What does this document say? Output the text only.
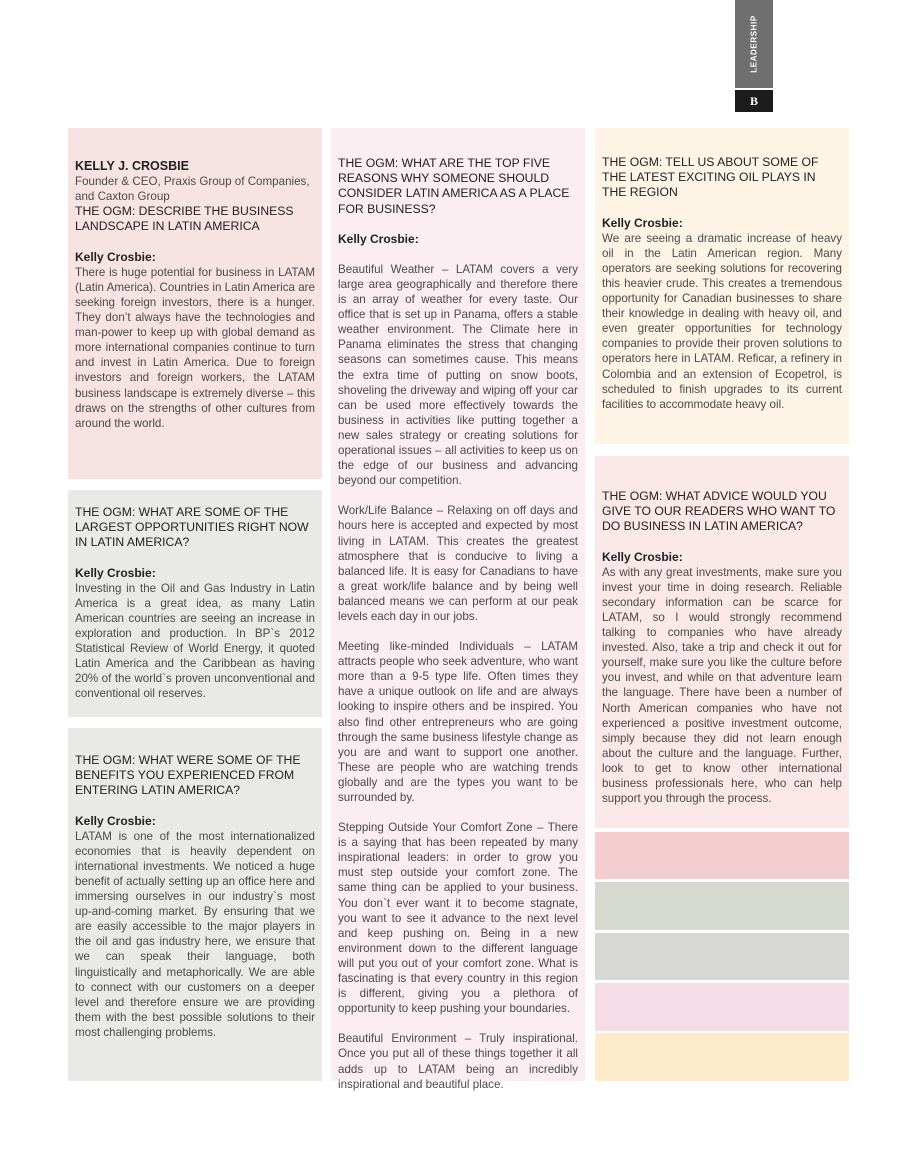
LEADERSHIP
B

KELLY J. CROSBIE

Founder & CEO, Praxis Group of Companies, and Caxton Group

THE OGM: DESCRIBE THE BUSINESS LANDSCAPE IN LATIN AMERICA

Kelly Crosbie:

There is huge potential for business in LATAM (Latin America). Countries in Latin America are seeking foreign investors, there is a hunger. They don’t always have the technologies and man-power to keep up with global demand as more international companies continue to turn and invest in Latin America. Due to foreign investors and foreign workers, the LATAM business landscape is extremely diverse – this draws on the strengths of other cultures from around the world.

THE OGM: WHAT ARE SOME OF THE LARGEST OPPORTUNITIES RIGHT NOW IN LATIN AMERICA?

Kelly Crosbie:

Investing in the Oil and Gas Industry in Latin America is a great idea, as many Latin American countries are seeing an increase in exploration and production. In BP`s 2012 Statistical Review of World Energy, it quoted Latin America and the Caribbean as having 20% of the world`s proven unconventional and conventional oil reserves.

THE OGM: WHAT WERE SOME OF THE BENEFITS YOU EXPERIENCED FROM ENTERING LATIN AMERICA?

Kelly Crosbie:

LATAM is one of the most internationalized economies that is heavily dependent on international investments. We noticed a huge benefit of actually setting up an office here and immersing ourselves in our industry`s most up-and-coming market. By ensuring that we are easily accessible to the major players in the oil and gas industry here, we ensure that we can speak their language, both linguistically and metaphorically. We are able to connect with our customers on a deeper level and therefore ensure we are providing them with the best possible solutions to their most challenging problems.

THE OGM: WHAT ARE THE TOP FIVE REASONS WHY SOMEONE SHOULD CONSIDER LATIN AMERICA AS A PLACE FOR BUSINESS?

Kelly Crosbie:

Beautiful Weather – LATAM covers a very large area geographically and therefore there is an array of weather for every taste. Our office that is set up in Panama, offers a stable weather environment. The Climate here in Panama eliminates the stress that changing seasons can sometimes cause. This means the extra time of putting on snow boots, shoveling the driveway and wiping off your car can be used more effectively towards the business in activities like putting together a new sales strategy or creating solutions for operational issues – all activities to keep us on the edge of our business and advancing beyond our competition.

Work/Life Balance – Relaxing on off days and hours here is accepted and expected by most living in LATAM. This creates the greatest atmosphere that is conducive to living a balanced life. It is easy for Canadians to have a great work/life balance and by being well balanced means we can perform at our peak levels each day in our jobs.

Meeting like-minded Individuals – LATAM attracts people who seek adventure, who want more than a 9-5 type life. Often times they have a unique outlook on life and are always looking to inspire others and be inspired. You also find other entrepreneurs who are going through the same business lifestyle change as you are and want to support one another. These are people who are watching trends globally and are the types you want to be surrounded by.

Stepping Outside Your Comfort Zone – There is a saying that has been repeated by many inspirational leaders: in order to grow you must step outside your comfort zone. The same thing can be applied to your business. You don`t ever want it to become stagnate, you want to see it advance to the next level and keep pushing on. Being in a new environment down to the different language will put you out of your comfort zone. What is fascinating is that every country in this region is different, giving you a plethora of opportunity to keep pushing your boundaries.

Beautiful Environment – Truly inspirational. Once you put all of these things together it all adds up to LATAM being an incredibly inspirational and beautiful place.

THE OGM: TELL US ABOUT SOME OF THE LATEST EXCITING OIL PLAYS IN THE REGION

Kelly Crosbie:

We are seeing a dramatic increase of heavy oil in the Latin American region. Many operators are seeking solutions for recovering this heavier crude. This creates a tremendous opportunity for Canadian businesses to share their knowledge in dealing with heavy oil, and even greater opportunities for technology companies to provide their proven solutions to operators here in LATAM. Reficar, a refinery in Colombia and an extension of Ecopetrol, is scheduled to finish upgrades to its current facilities to accommodate heavy oil.

THE OGM: WHAT ADVICE WOULD YOU GIVE TO OUR READERS WHO WANT TO DO BUSINESS IN LATIN AMERICA?

Kelly Crosbie:

As with any great investments, make sure you invest your time in doing research. Reliable secondary information can be scarce for LATAM, so I would strongly recommend talking to companies who have already invested. Also, take a trip and check it out for yourself, make sure you like the culture before you invest, and while on that adventure learn the language. There have been a number of North American companies who have not experienced a positive investment outcome, simply because they did not learn enough about the culture and the language. Further, look to get to know other international business professionals here, who can help support you through the process.
